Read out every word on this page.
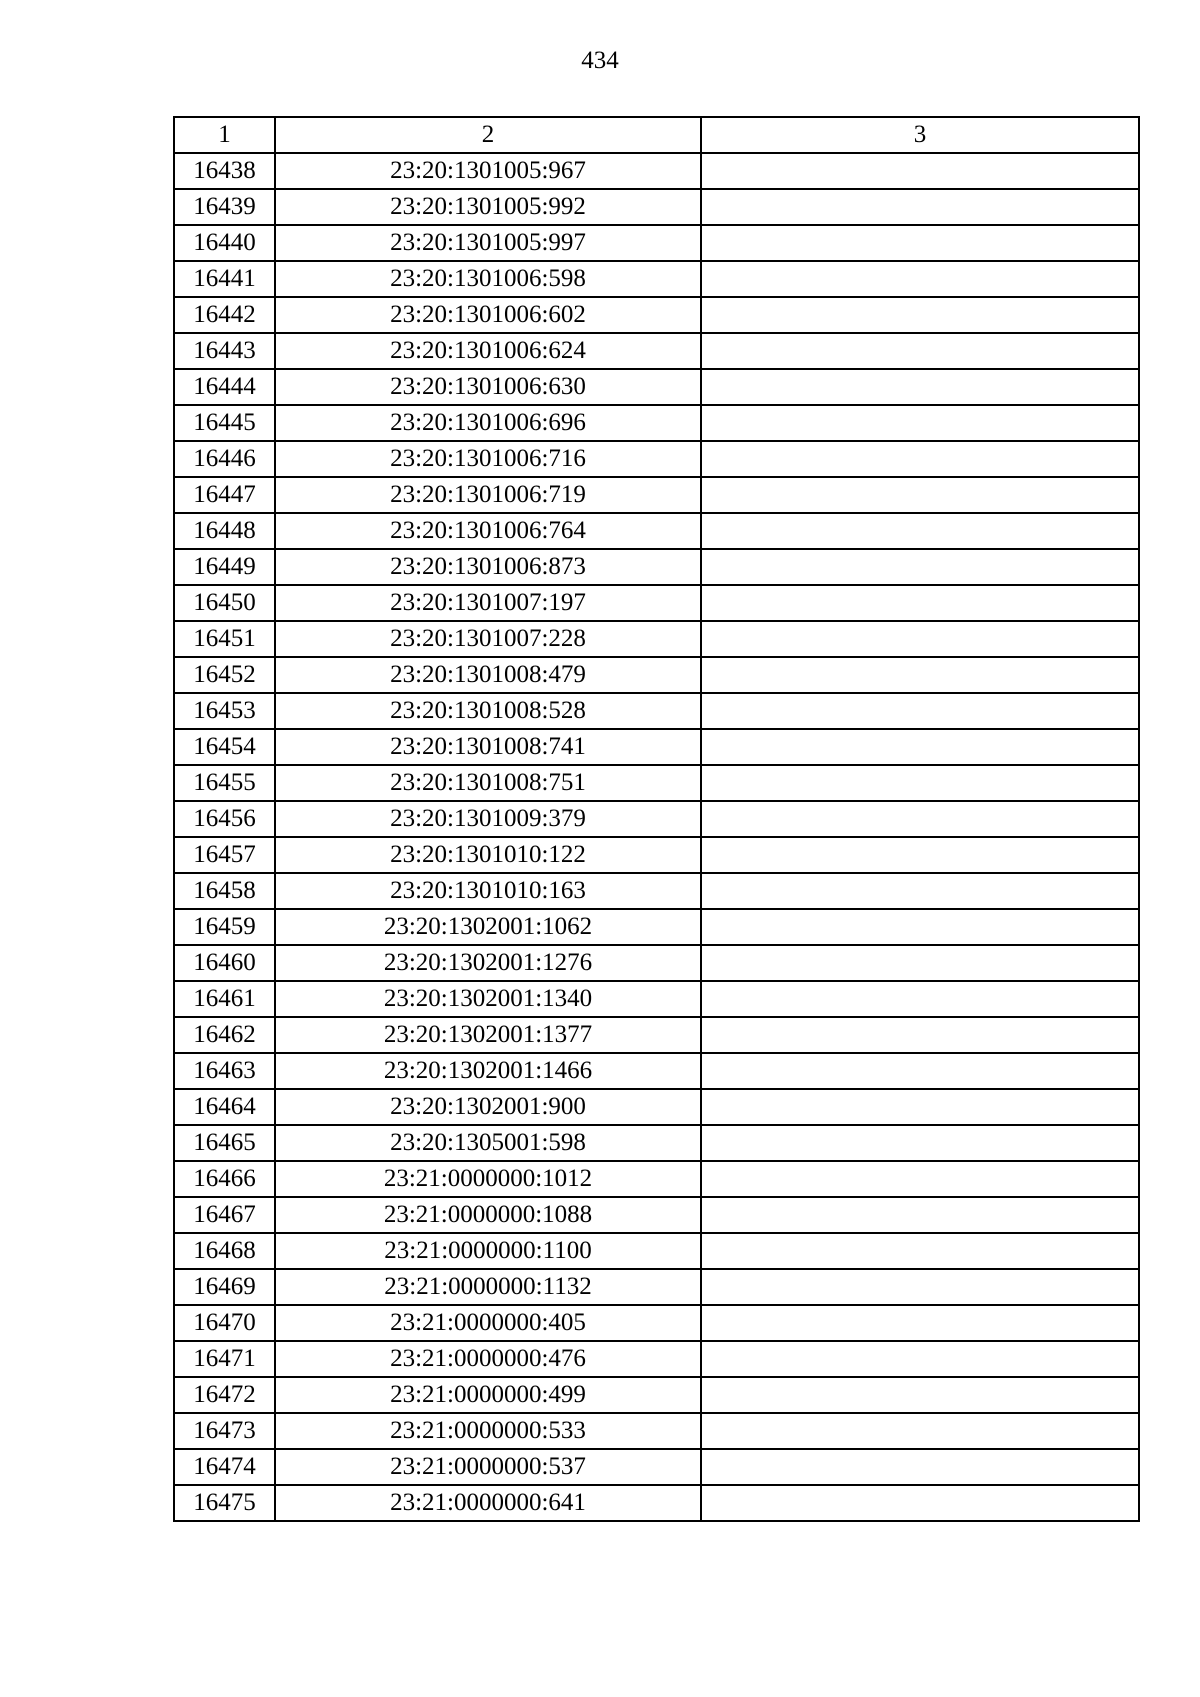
434
1	2	3
16438	23:20:1301005:967	
16439	23:20:1301005:992	
16440	23:20:1301005:997	
16441	23:20:1301006:598	
16442	23:20:1301006:602	
16443	23:20:1301006:624	
16444	23:20:1301006:630	
16445	23:20:1301006:696	
16446	23:20:1301006:716	
16447	23:20:1301006:719	
16448	23:20:1301006:764	
16449	23:20:1301006:873	
16450	23:20:1301007:197	
16451	23:20:1301007:228	
16452	23:20:1301008:479	
16453	23:20:1301008:528	
16454	23:20:1301008:741	
16455	23:20:1301008:751	
16456	23:20:1301009:379	
16457	23:20:1301010:122	
16458	23:20:1301010:163	
16459	23:20:1302001:1062	
16460	23:20:1302001:1276	
16461	23:20:1302001:1340	
16462	23:20:1302001:1377	
16463	23:20:1302001:1466	
16464	23:20:1302001:900	
16465	23:20:1305001:598	
16466	23:21:0000000:1012	
16467	23:21:0000000:1088	
16468	23:21:0000000:1100	
16469	23:21:0000000:1132	
16470	23:21:0000000:405	
16471	23:21:0000000:476	
16472	23:21:0000000:499	
16473	23:21:0000000:533	
16474	23:21:0000000:537	
16475	23:21:0000000:641	
